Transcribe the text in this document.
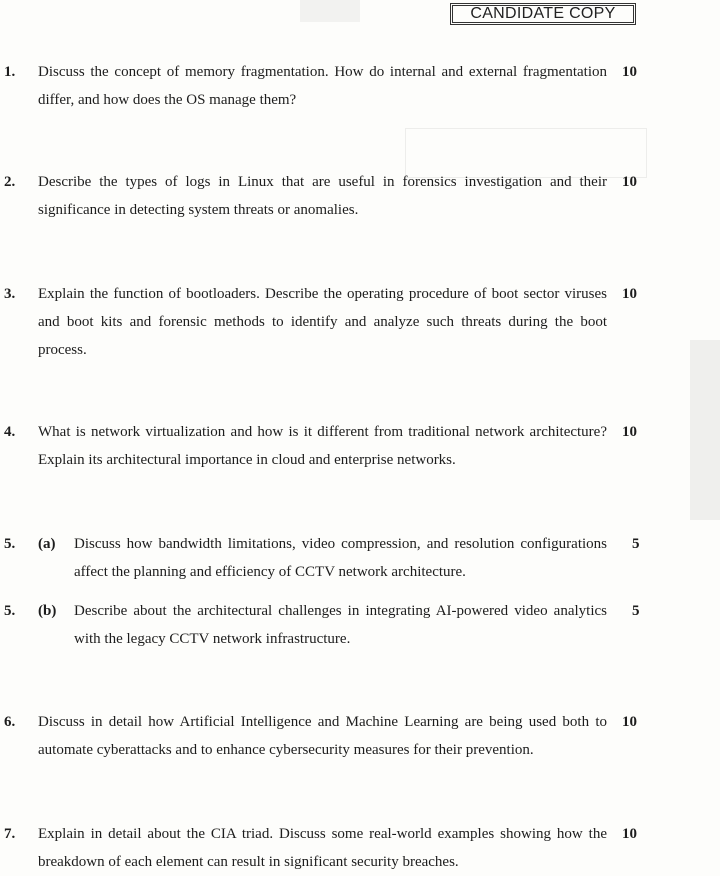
CANDIDATE COPY
1. Discuss the concept of memory fragmentation. How do internal and external fragmentation differ, and how does the OS manage them?
10
2. Describe the types of logs in Linux that are useful in forensics investigation and their significance in detecting system threats or anomalies.
10
3. Explain the function of bootloaders. Describe the operating procedure of boot sector viruses and boot kits and forensic methods to identify and analyze such threats during the boot process.
10
4. What is network virtualization and how is it different from traditional network architecture? Explain its architectural importance in cloud and enterprise networks.
10
5. (a) Discuss how bandwidth limitations, video compression, and resolution configurations affect the planning and efficiency of CCTV network architecture.
5
5. (b) Describe about the architectural challenges in integrating AI-powered video analytics with the legacy CCTV network infrastructure.
5
6. Discuss in detail how Artificial Intelligence and Machine Learning are being used both to automate cyberattacks and to enhance cybersecurity measures for their prevention.
10
7. Explain in detail about the CIA triad. Discuss some real-world examples showing how the breakdown of each element can result in significant security breaches.
10
